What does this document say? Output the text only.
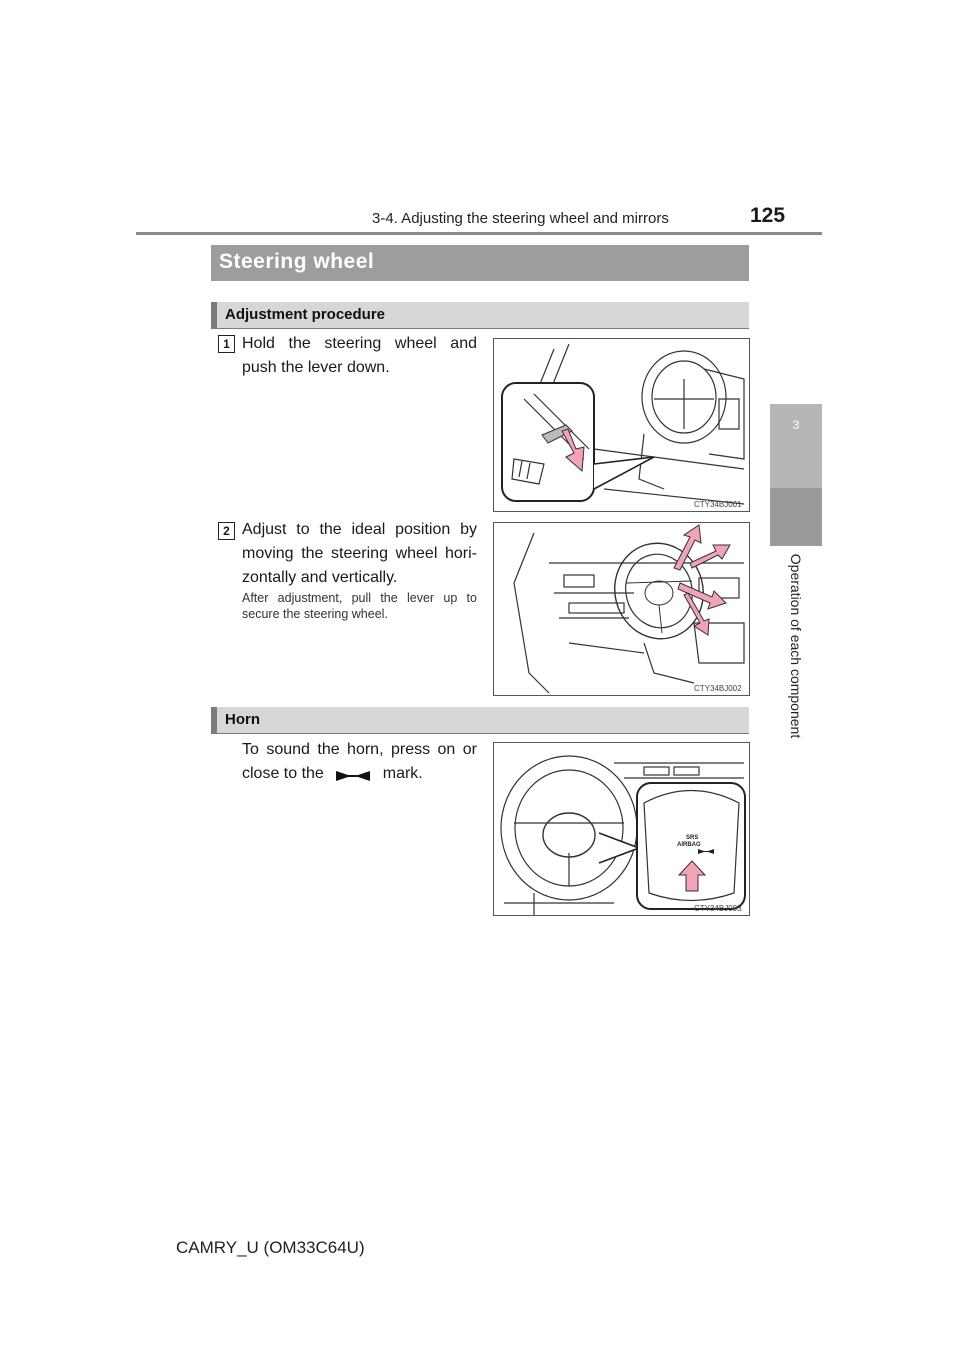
3-4. Adjusting the steering wheel and mirrors	125
3
Operation of each component
Steering wheel
Adjustment procedure
1 Hold the steering wheel and push the lever down.
CTY34BJ001
2 Adjust to the ideal position by moving the steering wheel hori- zontally and vertically.
After adjustment, pull the lever up to secure the steering wheel.
CTY34BJ002
Horn
To sound the horn, press on or close to the	mark.
SRS
AIRBAG
CTY34BJ003
CAMRY_U (OM33C64U)
